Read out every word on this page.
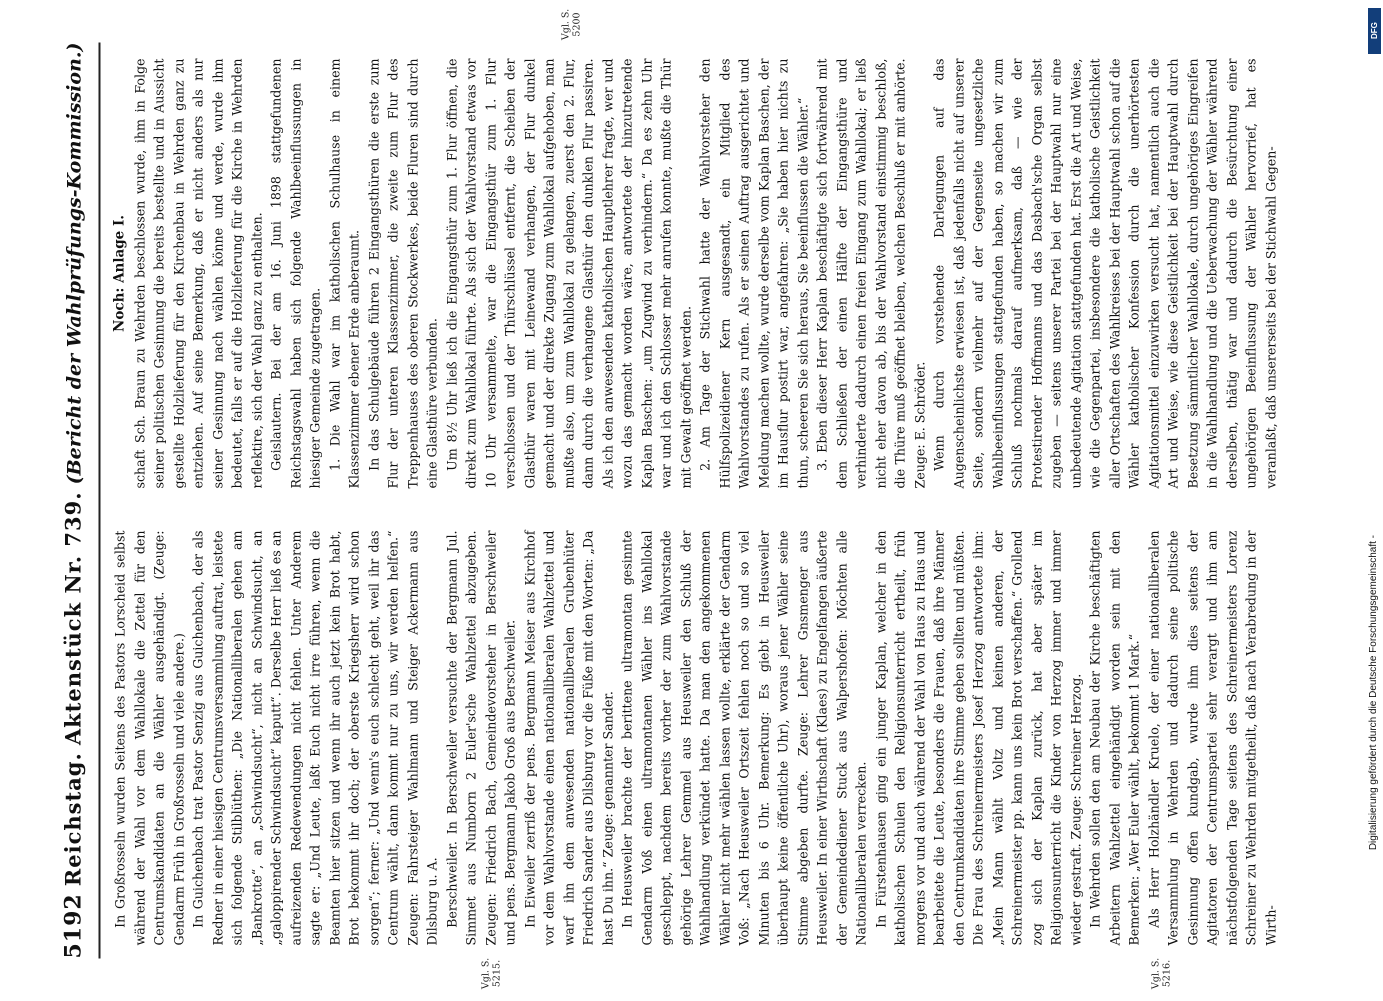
5192
Reichstag.
Aktenstück Nr. 739.
(Bericht der Wahlprüfungs-Kommission.)

In Großrosseln wurden Seitens des Pastors Lorscheid selbst während der Wahl vor dem Wahllokale die Zettel für den Centrumskandidaten an die Wähler ausgehändigt. (Zeuge: Gendarm Früh in Großrosseln und viele andere.) In Guichenbach trat Pastor Senzig aus Guichenbach, der als Redner in einer hiesigen Centrumsversammlung auftrat, leistete sich folgende Stilblüthen: „Die Nationalliberalen gehen am „Bankrotte“, an „Schwindsucht“, nicht an Schwindsucht, an „galoppirender Schwindsucht“ kaputt“. Derselbe Herr ließ es an aufreizenden Redewendungen nicht fehlen. Unter Anderem sagte er: „Und Leute, laßt Euch nicht irre führen, wenn die Beamten hier sitzen und wenn ihr auch jetzt kein Brot habt, Brot bekommt ihr doch; der oberste Kriegsherr wird schon sorgen“; ferner: „Und wenn's euch schlecht geht, weil ihr das Centrum wählt, dann kommt nur zu uns, wir werden helfen.“ Zeugen: Fahrsteiger Wahlmann und Steiger Ackermann aus Dilsburg u. A. Berschweiler. In Berschweiler versuchte der Bergmann Jul. Simmet aus Numborn 2 Euler'sche Wahlzettel abzugeben. Zeugen: Friedrich Bach, Gemeindevorsteher in Berschweiler und pens. Bergmann Jakob Groß aus Berschweiler. In Eiweiler zerriß der pens. Bergmann Meiser aus Kirchhof vor dem Wahlvorstande einen nationalliberalen Wahlzettel und warf ihn dem anwesenden nationalliberalen Grubenhüter Friedrich Sander aus Dilsburg vor die Füße mit den Worten: „Da hast Du ihn.“ Zeuge: genannter Sander. In Heusweiler brachte der berittene ultramontan gesinnte Gendarm Voß einen ultramontanen Wähler ins Wahllokal geschleppt, nachdem bereits vorher der zum Wahlvorstande gehörige Lehrer Gemmel aus Heusweiler den Schluß der Wahlhandlung verkündet hatte. Da man den angekommenen Wähler nicht mehr wählen lassen wollte, erklärte der Gendarm Voß: „Nach Heusweiler Ortszeit fehlen noch so und so viel Minuten bis 6 Uhr. Bemerkung: Es giebt in Heusweiler überhaupt keine öffentliche Uhr), woraus jener Wähler seine Stimme abgeben durfte. Zeuge: Lehrer Gnsmenger aus Heusweiler. In einer Wirthschaft (Klaes) zu Engelfangen äußerte der Gemeindediener Stuck aus Walpershofen: Möchten alle Nationalliberalen verrecken. In Fürstenhausen ging ein junger Kaplan, welcher in den katholischen Schulen den Religionsunterricht ertheilt, früh morgens vor und auch während der Wahl von Haus zu Haus und bearbeitete die Leute, besonders die Frauen, daß ihre Männer den Centrumkandidaten ihre Stimme geben sollten und müßten. Die Frau des Schreinermeisters Josef Herzog antwortete ihm: „Mein Mann wählt Voltz und keinen anderen, der Schreinermeister pp. kann uns kein Brot verschaffen.“ Grollend zog sich der Kaplan zurück, hat aber später im Religionsunterricht die Kinder von Herzog immer und immer wieder gestraft. Zeuge: Schreiner Herzog. In Wehrden sollen den am Neubau der Kirche beschäftigten Arbeitern Wahlzettel eingehändigt worden sein mit den Bemerken: „Wer Euler wählt, bekommt 1 Mark.“ Als Herr Holzhändler Kruelo, der einer nationalliberalen Versammlung in Wehrden und dadurch seine politische Gesinnung offen kundgab, wurde ihm dies seitens der Agitatoren der Centrumspartei sehr verargt und ihm am nächstfolgenden Tage seitens des Schreinermeisters Lorenz Schreiner zu Wehrden mitgetheilt, daß nach Verabredung in der Wirth-

Noch: Anlage I. schaft Sch. Braun zu Wehrden beschlossen wurde, ihm in Folge seiner politischen Gesinnung die bereits bestellte und in Aussicht gestellte Holzlieferung für den Kirchenbau in Wehrden ganz zu entziehen. Auf seine Bemerkung, daß er nicht anders als nur seiner Gesinnung nach wählen könne und werde, wurde ihm bedeutet, falls er auf die Holzlieferung für die Kirche in Wehrden reflektire, sich der Wahl ganz zu enthalten. Geislautern. Bei der am 16. Juni 1898 stattgefundenen Reichstagswahl haben sich folgende Wahlbeeinflussungen in hiesiger Gemeinde zugetragen. 1. Die Wahl war im katholischen Schulhause in einem Klassenzimmer ebener Erde anberaumt. In das Schulgebäude führen 2 Eingangsthüren die erste zum Flur der unteren Klassenzimmer, die zweite zum Flur des Treppenhauses des oberen Stockwerkes, beide Fluren sind durch eine Glasthüre verbunden. Um 8½ Uhr ließ ich die Eingangsthür zum 1. Flur öffnen, die direkt zum Wahllokal führte. Als sich der Wahlvorstand etwas vor 10 Uhr versammelte, war die Eingangsthür zum 1. Flur verschlossen und der Thürschlüssel entfernt, die Scheiben der Glasthür waren mit Leinewand verhangen, der Flur dunkel gemacht und der direkte Zugang zum Wahllokal aufgehoben, man mußte also, um zum Wahllokal zu gelangen, zuerst den 2. Flur, dann durch die verhangene Glasthür den dunklen Flur passiren. Als ich den anwesenden katholischen Hauptlehrer fragte, wer und wozu das gemacht worden wäre, antwortete der hinzutretende Kaplan Baschen: „um Zugwind zu verhindern.“ Da es zehn Uhr war und ich den Schlosser mehr anrufen konnte, mußte die Thür mit Gewalt geöffnet werden. 2. Am Tage der Stichwahl hatte der Wahlvorsteher den Hülfspolizeidiener Kern ausgesandt, ein Mitglied des Wahlvorstandes zu rufen. Als er seinen Auftrag ausgerichtet und Meldung machen wollte, wurde derselbe vom Kaplan Baschen, der im Hausflur postirt war, angefahren: „Sie haben hier nichts zu thun, scheeren Sie sich heraus, Sie beeinflussen die Wähler.“ 3. Eben dieser Herr Kaplan beschäftigte sich fortwährend mit dem Schließen der einen Hälfte der Eingangsthüre und verhinderte dadurch einen freien Eingang zum Wahllokal; er ließ nicht eher davon ab, bis der Wahlvorstand einstimmig beschloß, die Thüre muß geöffnet bleiben, welchen Beschluß er mit anhörte. Zeuge: E. Schröder. Wenn durch vorstehende Darlegungen auf das Augenscheinlichste erwiesen ist, daß jedenfalls nicht auf unserer Seite, sondern vielmehr auf der Gegenseite ungesetzliche Wahlbeeinflussungen stattgefunden haben, so machen wir zum Schluß nochmals darauf aufmerksam, daß — wie der Protestirender Hoffmanns und das Dasbach'sche Organ selbst zugeben — seitens unserer Partei bei der Hauptwahl nur eine unbedeutende Agitation stattgefunden hat. Erst die Art und Weise, wie die Gegenpartei, insbesondere die katholische Geistlichkeit aller Ortschaften des Wahlkreises bei der Hauptwahl schon auf die Wähler katholischer Konfession durch die unerhörtesten Agitationsmittel einzuwirken versucht hat, namentlich auch die Art und Weise, wie diese Geistlichkeit bei der Hauptwahl durch Besetzung sämmtlicher Wahllokale, durch ungehöriges Eingreifen in die Wahlhandlung und die Ueberwachung der Wähler während derselben, thätig war und dadurch die Besürchtung einer ungehörigen Beeinflussung der Wähler hervorrief, hat es veranlaßt, daß unsererseits bei der Stichwahl Gegen-

Vgl. S. 5200
Vgl. S. 5215.	Vgl. S. 5216.
DFG
Digitalisierung gefördert durch die Deutsche Forschungsgemeinschaft -
